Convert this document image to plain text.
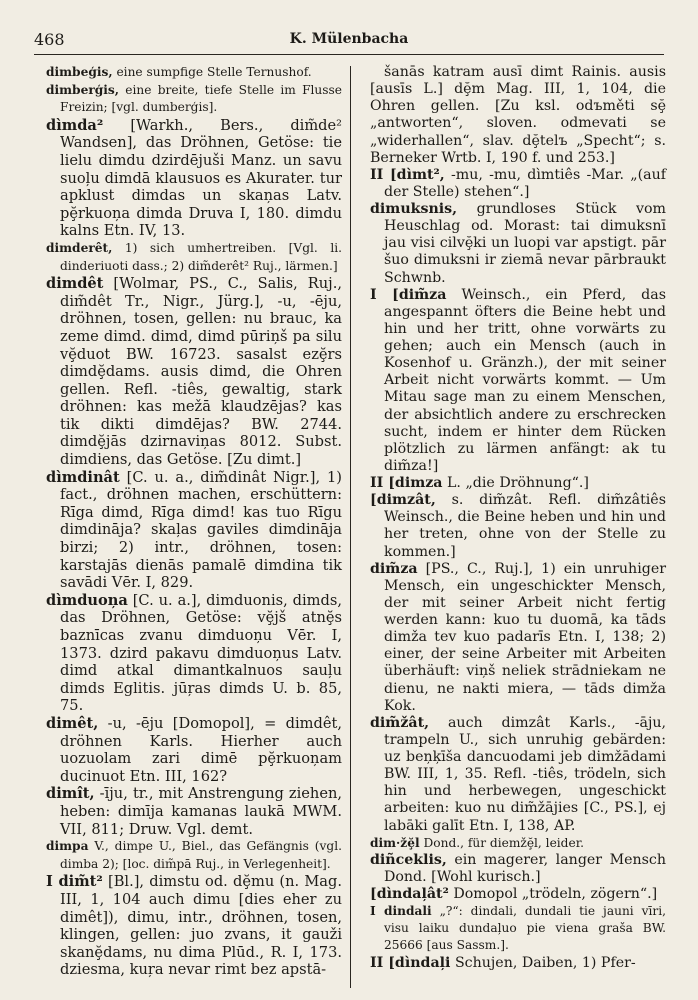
468	K. Mülenbacha

dimbeģis, eine sumpfige Stelle Ternushof.

dimberģis, eine breite, tiefe Stelle im Flusse Freizin; [vgl. dumberģis].

dìmda² [Warkh., Bers., dim̃de² Wandsen], das Dröhnen, Getöse: tie lielu dimdu dzirdējuši Manz. un savu suoļu dimdā klausuos es Akurater. tur apklust dimdas un skaņas Latv. pḝrkuoņa dimda Druva I, 180. dimdu kalns Etn. IV, 13.

dimderêt, 1) sich umhertreiben. [Vgl. li. dinderiuoti dass.; 2) dim̃derêt² Ruj., lärmen.]

dimdêt [Wolmar, PS., C., Salis, Ruj., dim̃dêt Tr., Nigr., Jürg.], -u, -ēju, dröhnen, tosen, gellen: nu brauc, ka zeme dimd. dimd, dimd pūriņš pa silu vḝduot BW. 16723. sasalst ezḝrs dimdḝdams. ausis dimd, die Ohren gellen. Refl. -tiês, gewaltig, stark dröhnen: kas mežā klaudzējas? kas tik dikti dimdējas? BW. 2744. dimdḝjās dzirnaviņas 8012. Subst. dimdiens, das Getöse. [Zu dimt.]

dìmdinât [C. u. a., dim̃dinât Nigr.], 1) fact., dröhnen machen, erschüttern: Rīga dimd, Rīga dimd! kas tuo Rīgu dimdināja? skaļas gaviles dimdināja birzi; 2) intr., dröhnen, tosen: karstajās dienās pamalē dimdina tik savādi Vēr. I, 829.

dìmduoņa [C. u. a.], dimduonis, dimds, das Dröhnen, Getöse: vḝjš atnḝs baznīcas zvanu dimduoņu Vēr. I, 1373. dzird pakavu dimduoņus Latv. dimd atkal dimantkalnuos sauļu dimds Eglitis. jūŗas dimds U. b. 85, 75.

dimêt, -u, -ēju [Domopol], = dimdêt, dröhnen Karls. Hierher auch uozuolam zari dimē pḝrkuoņam ducinuot Etn. III, 162?

dimît, -īju, tr., mit Anstrengung ziehen, heben: dimīja kamanas laukā MWM. VII, 811; Druw. Vgl. demt.

dimpa V., dimpe U., Biel., das Gefängnis (vgl. dimba 2); [loc. dim̃pā Ruj., in Verlegenheit].

I dim̃t² [Bl.], dimstu od. dḝmu (n. Mag. III, 1, 104 auch dimu [dies eher zu dimêt]), dimu, intr., dröhnen, tosen, klingen, gellen: juo zvans, it gauži skanḝdams, nu dima Plūd., R. I, 173. dziesma, kuŗa nevar rimt bez apstā-

šanās katram ausī dimt Rainis. ausis [ausīs L.] dḝm Mag. III, 1, 104, die Ohren gellen. [Zu ksl. odъměti sḝ „antworten“, sloven. odmevati se „widerhallen“, slav. dḝtelъ „Specht“; s. Berneker Wrtb. I, 190 f. und 253.]

II [dìmt², -mu, -mu, dìmtiês -Mar. „(auf der Stelle) stehen“.]

dimuksnis, grundloses Stück vom Heuschlag od. Morast: tai dimuksnī jau visi cilvḝki un luopi var apstigt. pār šuo dimuksni ir ziemā nevar pārbraukt Schwnb.

I [dim̃za Weinsch., ein Pferd, das angespannt öfters die Beine hebt und hin und her tritt, ohne vorwärts zu gehen; auch ein Mensch (auch in Kosenhof u. Gränzh.), der mit seiner Arbeit nicht vorwärts kommt. — Um Mitau sage man zu einem Menschen, der absichtlich andere zu erschrecken sucht, indem er hinter dem Rücken plötzlich zu lärmen anfängt: ak tu dim̃za!]

II [dimza L. „die Dröhnung“.]

[dimzât, s. dim̃zât. Refl. dim̃zâtiês Weinsch., die Beine heben und hin und her treten, ohne von der Stelle zu kommen.]

dim̃za [PS., C., Ruj.], 1) ein unruhiger Mensch, ein ungeschickter Mensch, der mit seiner Arbeit nicht fertig werden kann: kuo tu duomā, ka tāds dimža tev kuo padarīs Etn. I, 138; 2) einer, der seine Arbeiter mit Arbeiten überhäuft: viņš neliek strādniekam ne dienu, ne nakti miera, — tāds dimža Kok.

dim̃žât, auch dimzât Karls., -āju, trampeln U., sich unruhig gebärden: uz beņķīša dancuodami jeb dimžādami BW. III, 1, 35. Refl. -tiês, trödeln, sich hin und herbewegen, ungeschickt arbeiten: kuo nu dim̃žājies [C., PS.], ej labāki galīt Etn. I, 138, AP.

dim·žḝl Dond., für diemžḝl, leider.

diñceklis, ein magerer, langer Mensch Dond. [Wohl kurisch.]

[dìndaļât² Domopol „trödeln, zögern“.]

I dindali „?“: dindali, dundali tie jauni vīri, visu laiku dundaļuo pie viena graša BW. 25666 [aus Sassm.].

II [dìndaļi Schujen, Daiben, 1) Pfer-
